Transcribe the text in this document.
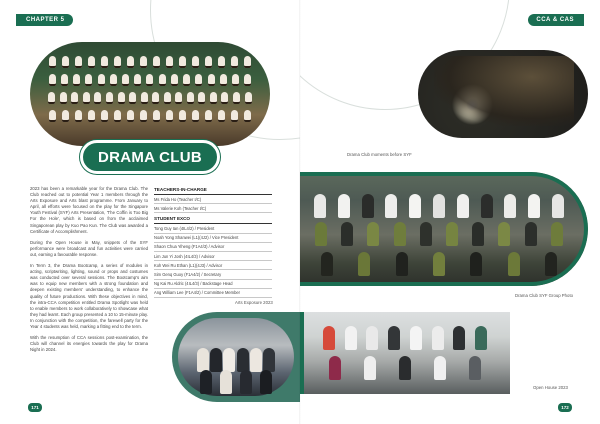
CHAPTER 5
DRAMA CLUB

2023 has been a remarkable year for the Drama Club. The Club reached out to potential Year 1 members through the Arts Exposure and Arts blast programme. From January to April, all efforts were focused on the play for the Singapore Youth Festival (SYF) Arts Presentation, 'The Coffin is Too Big For the Hole', which is based on from the acclaimed Singaporean play by Kuo Pao Kun. The Club was awarded a Certificate of Accomplishment.

During the Open House in May, snippets of the SYF performance were broadcast and fun activities were carried out, earning a favourable response.

In Term 3, the Drama Bootcamp, a series of modules in acting, scriptwriting, lighting, sound or props and costumes was conducted over several sessions. The Bootcamp's aim was to equip new members with a strong foundation and deepen existing members' understanding, to enhance the quality of future productions. With these objectives in mind, the intra-CCA competition entitled Drama Spotlight was held to enable members to work collaboratively to showcase what they had learnt. Each group presented a 10 to 15-minute play. In conjunction with the competition, the farewell party for the Year 4 students was held, marking a fitting end to the term.

With the resumption of CCA sessions post-examination, the Club will channel its energies towards the play for Drama Night in 2024.

TEACHERS-IN-CHARGE
Ms Frida Ho (Teacher I/C)
Ms Valerie Koh (Teacher I/C)
STUDENT EXCO
Tong Guy Ian (4IL4/2) / President
Noah Yong Shanwei (L1)(4J2) / Vice President
Shaon Chua Yiheng (F1A4/3) / Advisor
Lim Jun Yi Josh (4IL4/3) / Advisor
Koh Wei Ru Ethan (L1)(4J3) / Advisor
Sim Genq Guoy (F1A4/2) / Secretary
Ng Kai Ru Aldric (4IL4/3) / Backstage Head
Ang William Lee (F1A4/2) / Committee Member
Arts Exposure 2023
171
CCA & CAS
Drama Club moments before SYF
Drama Club SYF Group Photo
Open House 2023
172
